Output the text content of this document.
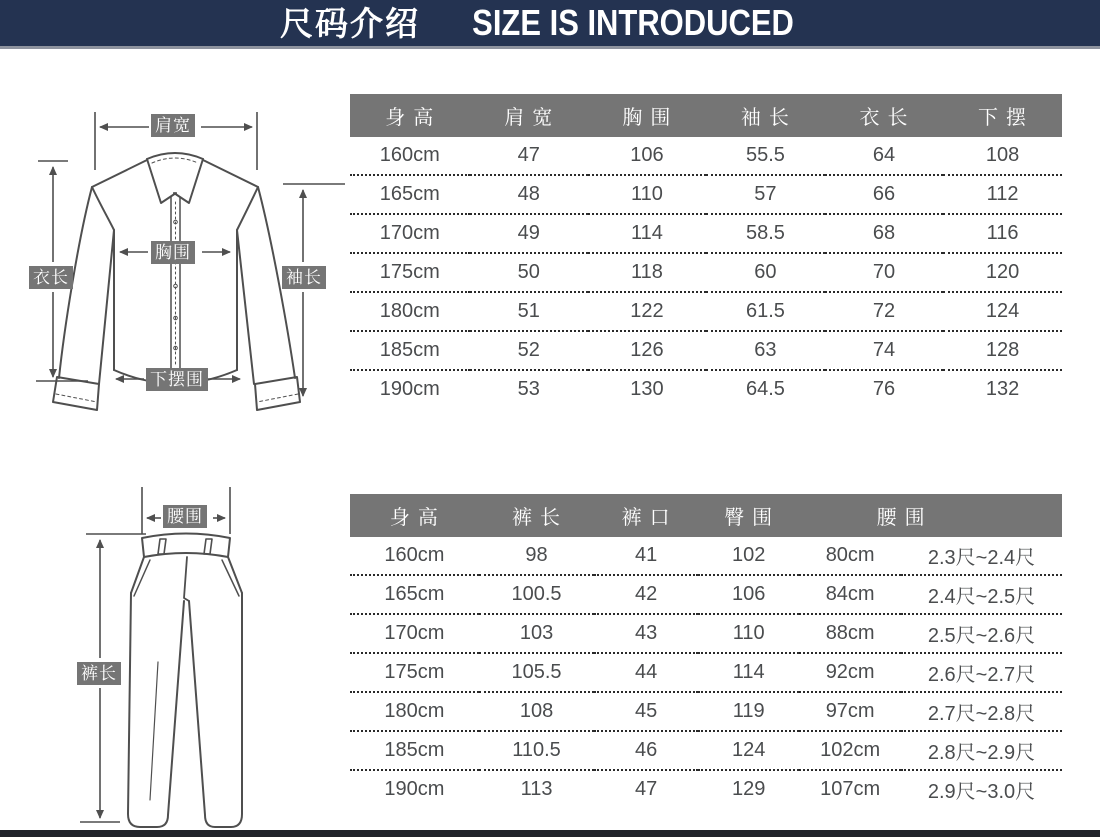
尺码介绍 SIZE IS INTRODUCED
肩宽
胸围
衣长	袖长
下摆围
腰围
裤长
身高	肩宽	胸围	袖长	衣长	下摆
160cm	47	106	55.5	64	108
165cm	48	110	57	66	112
170cm	49	114	58.5	68	116
175cm	50	118	60	70	120
180cm	51	122	61.5	72	124
185cm	52	126	63	74	128
190cm	53	130	64.5	76	132
身高	裤长	裤口	臀围	腰围	
160cm	98	41	102	80cm	2.3尺~2.4尺
165cm	100.5	42	106	84cm	2.4尺~2.5尺
170cm	103	43	110	88cm	2.5尺~2.6尺
175cm	105.5	44	114	92cm	2.6尺~2.7尺
180cm	108	45	119	97cm	2.7尺~2.8尺
185cm	110.5	46	124	102cm	2.8尺~2.9尺
190cm	113	47	129	107cm	2.9尺~3.0尺
